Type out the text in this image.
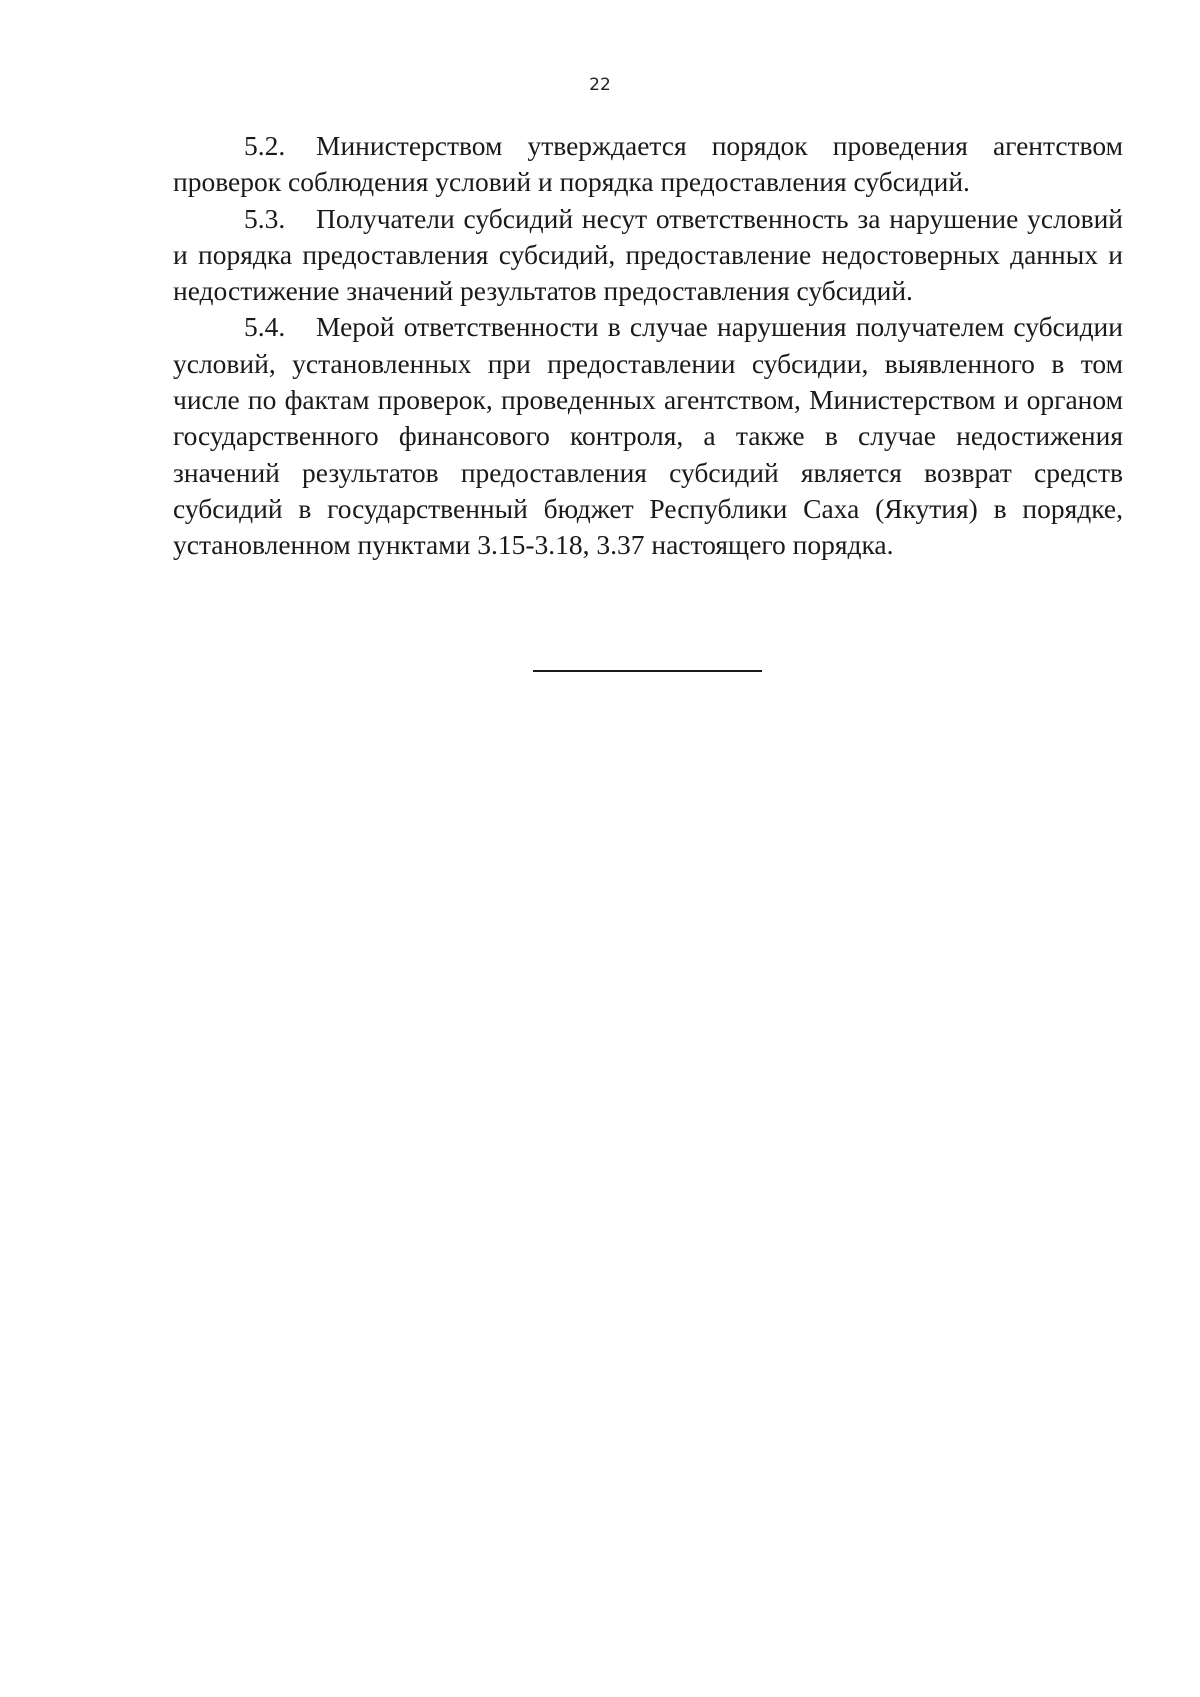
22

5.2. Министерством утверждается порядок проведения агентством проверок соблюдения условий и порядка предоставления субсидий.

5.3. Получатели субсидий несут ответственность за нарушение условий и порядка предоставления субсидий, предоставление недостоверных данных и недостижение значений результатов предоставления субсидий.

5.4. Мерой ответственности в случае нарушения получателем субсидии условий, установленных при предоставлении субсидии, выявленного в том числе по фактам проверок, проведенных агентством, Министерством и органом государственного финансового контроля, а также в случае недостижения значений результатов предоставления субсидий является возврат средств субсидий в государственный бюджет Республики Саха (Якутия) в порядке, установленном пунктами 3.15-3.18, 3.37 настоящего порядка.
